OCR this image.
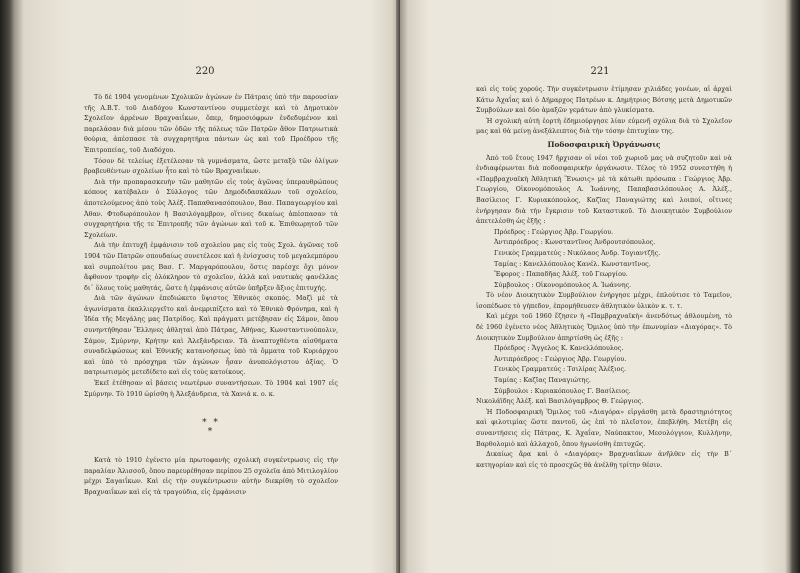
220

Τὸ δὲ 1904 γενομένων Σχολικῶν ἀγώνων ἐν Πάτραις ὑπὸ τὴν παρουσίαν τῆς Α.Β.Τ. τοῦ Διαδόχου Κωνσταντίνου συμμετέσχε καὶ τὸ Δημοτικὸν Σχολεῖον ἀρρένων Βραχναιΐκων, ὅπερ, δημοσιόφρων ἐνδεδυμένον καὶ παρελάσαν διὰ μέσου τῶν ὁδῶν τῆς πόλεως τῶν Πατρῶν ἄθον Πατριωτικὰ θούρια, ἀπέσπασε τὰ συγχαρητήρια πάντων ὡς καὶ τοῦ Προέδρου τῆς Ἐπιτροπείας, τοῦ Διαδόχου.

Τόσον δὲ τελείως ἐξετέλεσαν τὰ γυμνάσματα, ὥστε μεταξὺ τῶν ὀλίγων βραβευθέντων σχολείων ἦτο καὶ τὸ τῶν Βραχναιΐκων.

Διὰ τὴν προπαρασκευὴν τῶν μαθητῶν εἰς τοὺς ἀγῶνας ὑπεραυθρώπους κόπους κατέβαλεν ὁ Σύλλογος τῶν Δημοδιδασκάλων τοῦ σχολείου, ἀποτελούμενος ἀπὸ τοὺς Ἀλέξ. Παπαθανασόπουλον, Βασ. Παπαγεωργίου καὶ Ἀθαν. Φτοδωρόπουλον ἢ Βασιλόγαμβρον, οἵτινες δικαίως ἀπέσπασαν τὰ συγχαρητήρια τῆς τε Ἐπιτροπῆς τῶν ἀγώνων καὶ τοῦ κ. Ἐπιθεωρητοῦ τῶν Σχολείων.

Διὰ τὴν ἐπιτυχῆ ἐμφάνισιν τοῦ σχολείου μας εἰς τοὺς Σχολ. ἀγῶνας τοῦ 1904 τῶν Πατρῶν σπουδαίως συνετέλεσε καὶ ἡ ἐνίσχυσις τοῦ μεγαλεμπόρου καὶ συμπολίτου μας Βασ. Γ. Μαργαρόπουλου, ὅστις παρέσχε ὄχι μόνον ἄφθονον τροφὴν εἰς ὁλόκληρον τὸ σχολεῖον, ἀλλὰ καὶ ναυτικὰς φανέλλας δι᾽ ὅλους τοὺς μαθητάς, ὥστε ἡ ἐμφάνισις αὐτῶν ὑπῆρξεν ἄξιος ἐπιτυχής.

Διὰ τῶν ἀγώνων ἐπεδιώκετο ὕψιστος Ἐθνικὸς σκοπός. Μαζὶ μὲ τὰ ἀγωνίσματα ἐκαλλιεργεῖτο καὶ ἀνεμριπίζετο καὶ τὸ Ἐθνικὸ Φρόνημα, καὶ ἡ Ἰδέα τῆς Μεγάλης μας Πατρίδος. Καὶ πράγματι μετέβησαν εἰς Σάμον, ὅπου συνηντήθησαν Ἕλληνες ἀθληταὶ ἀπὸ Πάτρας, Ἀθήνας, Κωνσταντινούπολιν, Σάμον, Σμύρνην, Κρήτην καὶ Ἀλεξάνδρειαν. Τὰ ἀναπτυχθέντα αἰσθήματα συναδελφώσεως καὶ Ἐθνικῆς κατανοήσεως ὑπὸ τὰ ὄμματα τοῦ Κυριάρχου καὶ ὑπὸ τὸ πρόσχημα τῶν ἀγώνων ἦσαν ἀνυπολόγιστου ἀξίας. Ὁ πατριωτισμὸς μετεδίδετο καὶ εἰς τοὺς κατοίκους.

Ἐκεῖ ἐτέθησαν αἱ βάσεις νεωτέρων συναντήσεων. Τὸ 1904 καὶ 1907 εἰς Σμύρνην. Τὸ 1910 ὡρίσθη ἡ Ἀλεξάνδρεια, τὰ Χανιά κ. ο. κ.

* *
*

Κατὰ τὸ 1910 ἐγένετο μία πρωτοφανὴς σχολικὴ συγκέντρωσις εἰς τὴν παραλίαν Ἀλισσοῦ, ὅπου παρευρέθησαν περίπου 25 σχολεῖα ἀπὸ Μιτιλογλίου μέχρι Σαγαιΐκων. Καὶ εἰς τὴν συγκέντρωσιν αὐτὴν διεκρίθη τὸ σχολεῖον Βραχναιΐκων καὶ εἰς τὰ τραγούδια, εἰς ἐμφάνισιν

221

καὶ εἰς τοὺς χορούς. Τὴν συγκέντρωσιν ἐτίμησαν χιλιάδες γονέων, αἱ ἀρχαὶ Κάτω Ἀχαΐας καὶ ὁ Δήμαρχος Πατρέων κ. Δημήτριος Βότσης μετὰ Δημοτικῶν Συμβούλων καὶ δύο ἀμαξῶν γεμάτων ἀπὸ γλυκίσματα.

Ἡ σχολικὴ αὐτὴ ἑορτὴ ἐδημιούργησε λίαν εὐμενῆ σχόλια διὰ τὸ Σχολεῖον μας καὶ θὰ μείνῃ ἀνεξάλειπτος διὰ τὴν τόσην ἐπιτυχίαν της.

Ποδοσφαιρικὴ Ὀργάνωσις

Ἀπὸ τοῦ ἔτους 1947 ἤρχισαν οἱ νέοι τοῦ χωριοῦ μας νὰ συζητοῦν καὶ νὰ ἐνδιαφέρωνται διὰ ποδοσφαιρικὴν ὀργάνωσιν. Τέλος τὸ 1952 συνεστήθη ἡ «Παμβραχναϊκὴ Ἀθλητικὴ Ἕνωσις» μὲ τὰ κάτωθι πρόσωπα : Γεώργιος Ἀβρ. Γεωργίου, Οἰκονομόπουλος Α. Ἰωάννης, Παπαβασιλόπουλος Α. Ἀλέξ., Βασίλειος Γ. Κυριακόπουλος, Καζῖας Παναγιώτης καὶ λοιποί, οἵτινες ἐνήργησαν διὰ τὴν ἔγκρισιν τοῦ Καταστικοῦ. Τὸ Διοικητικὸν Συμβούλιον ἀπετελέσθη ὡς ἑξῆς :

Πρόεδρος : Γεώργιος Ἀβρ. Γεωργίου.

Ἀντιπρόεδρος : Κωνσταντῖνος Ἀνδρουτσόπουλος.

Γενικὸς Γραμματεύς : Νικόλαος Ἀνδρ. Τογιαντζῆς.

Ταμίας : Κανελλόπουλος Κανέλ. Κωνσταντῖνος.

Ἔφορος : Παπαδῆας Ἀλέξ. τοῦ Γεωργίου.

Σύμβουλος : Οἰκονομόπουλος Α. Ἰωάννης.

Τὸ νέον Διοικητικὸν Συμβούλιον ἐνήργησε μέχρι, ἐπλούτισε τὸ Ταμεῖον, ἰσοπέδωσε τὸ γήπεδον, ἐπρομήθευσεν ἀθλητικὸν ὑλικὸν κ. τ. τ.

Καὶ μέχρι τοῦ 1960 ἔζησεν ἡ «Παμβραχναϊκὴ» ἀνενδότως ἀθλουμένη, τὸ δὲ 1960 ἐγένετο νέος Ἀθλητικὸς Ὅμιλος ὑπὸ τὴν ἐπωνυμίαν «Διαγόρας». Τὸ Διοικητικὸν Συμβούλιον ἀπηρτίσθη ὡς ἑξῆς :

Πρόεδρος : Ἄγγελος Κ. Κανελλόπουλος.

Ἀντιπρόεδρος : Γεώργιος Ἀβρ. Γεωργίου.

Γενικὸς Γραμματεύς : Τσιλίρας Ἀλέξιος.

Ταμίας : Καζῖας Παναγιώτης.

Σύμβουλοι : Κυριακόπουλος Γ. Βασίλειος.

Νικολάϊδης Ἀλέξ. καὶ Βασιλόγαμβρος Θ. Γεώργιος.

Ἡ Ποδοσφαιρικὴ Ὅμιλος τοῦ «Διαγόρα» εἰργάσθη μετὰ δραστηριότητος καὶ φιλοτιμίας ὥστε παντοῦ, ὡς ἐπὶ τὸ πλεῖστον, ἐπεβλήθη. Μετέβη εἰς συναντήσεις εἰς Πάτρας, Κ. Ἀχαΐαν, Ναύπακτον, Μεσολόγγιον, Κυλλήνην, Βαρθολομιὸ καὶ ἀλλαχοῦ, ὅπου ἠγωνίσθη ἐπιτυχῶς.

Δικαίως ἄρα καὶ ὁ «Διαγόρας» Βραχναιΐκων ἀνῆλθεν εἰς τὴν Β´ κατηγορίαν καὶ εἰς τὸ προσεχῶς θὰ ἀνέλθῃ τρίτην θέσιν.
